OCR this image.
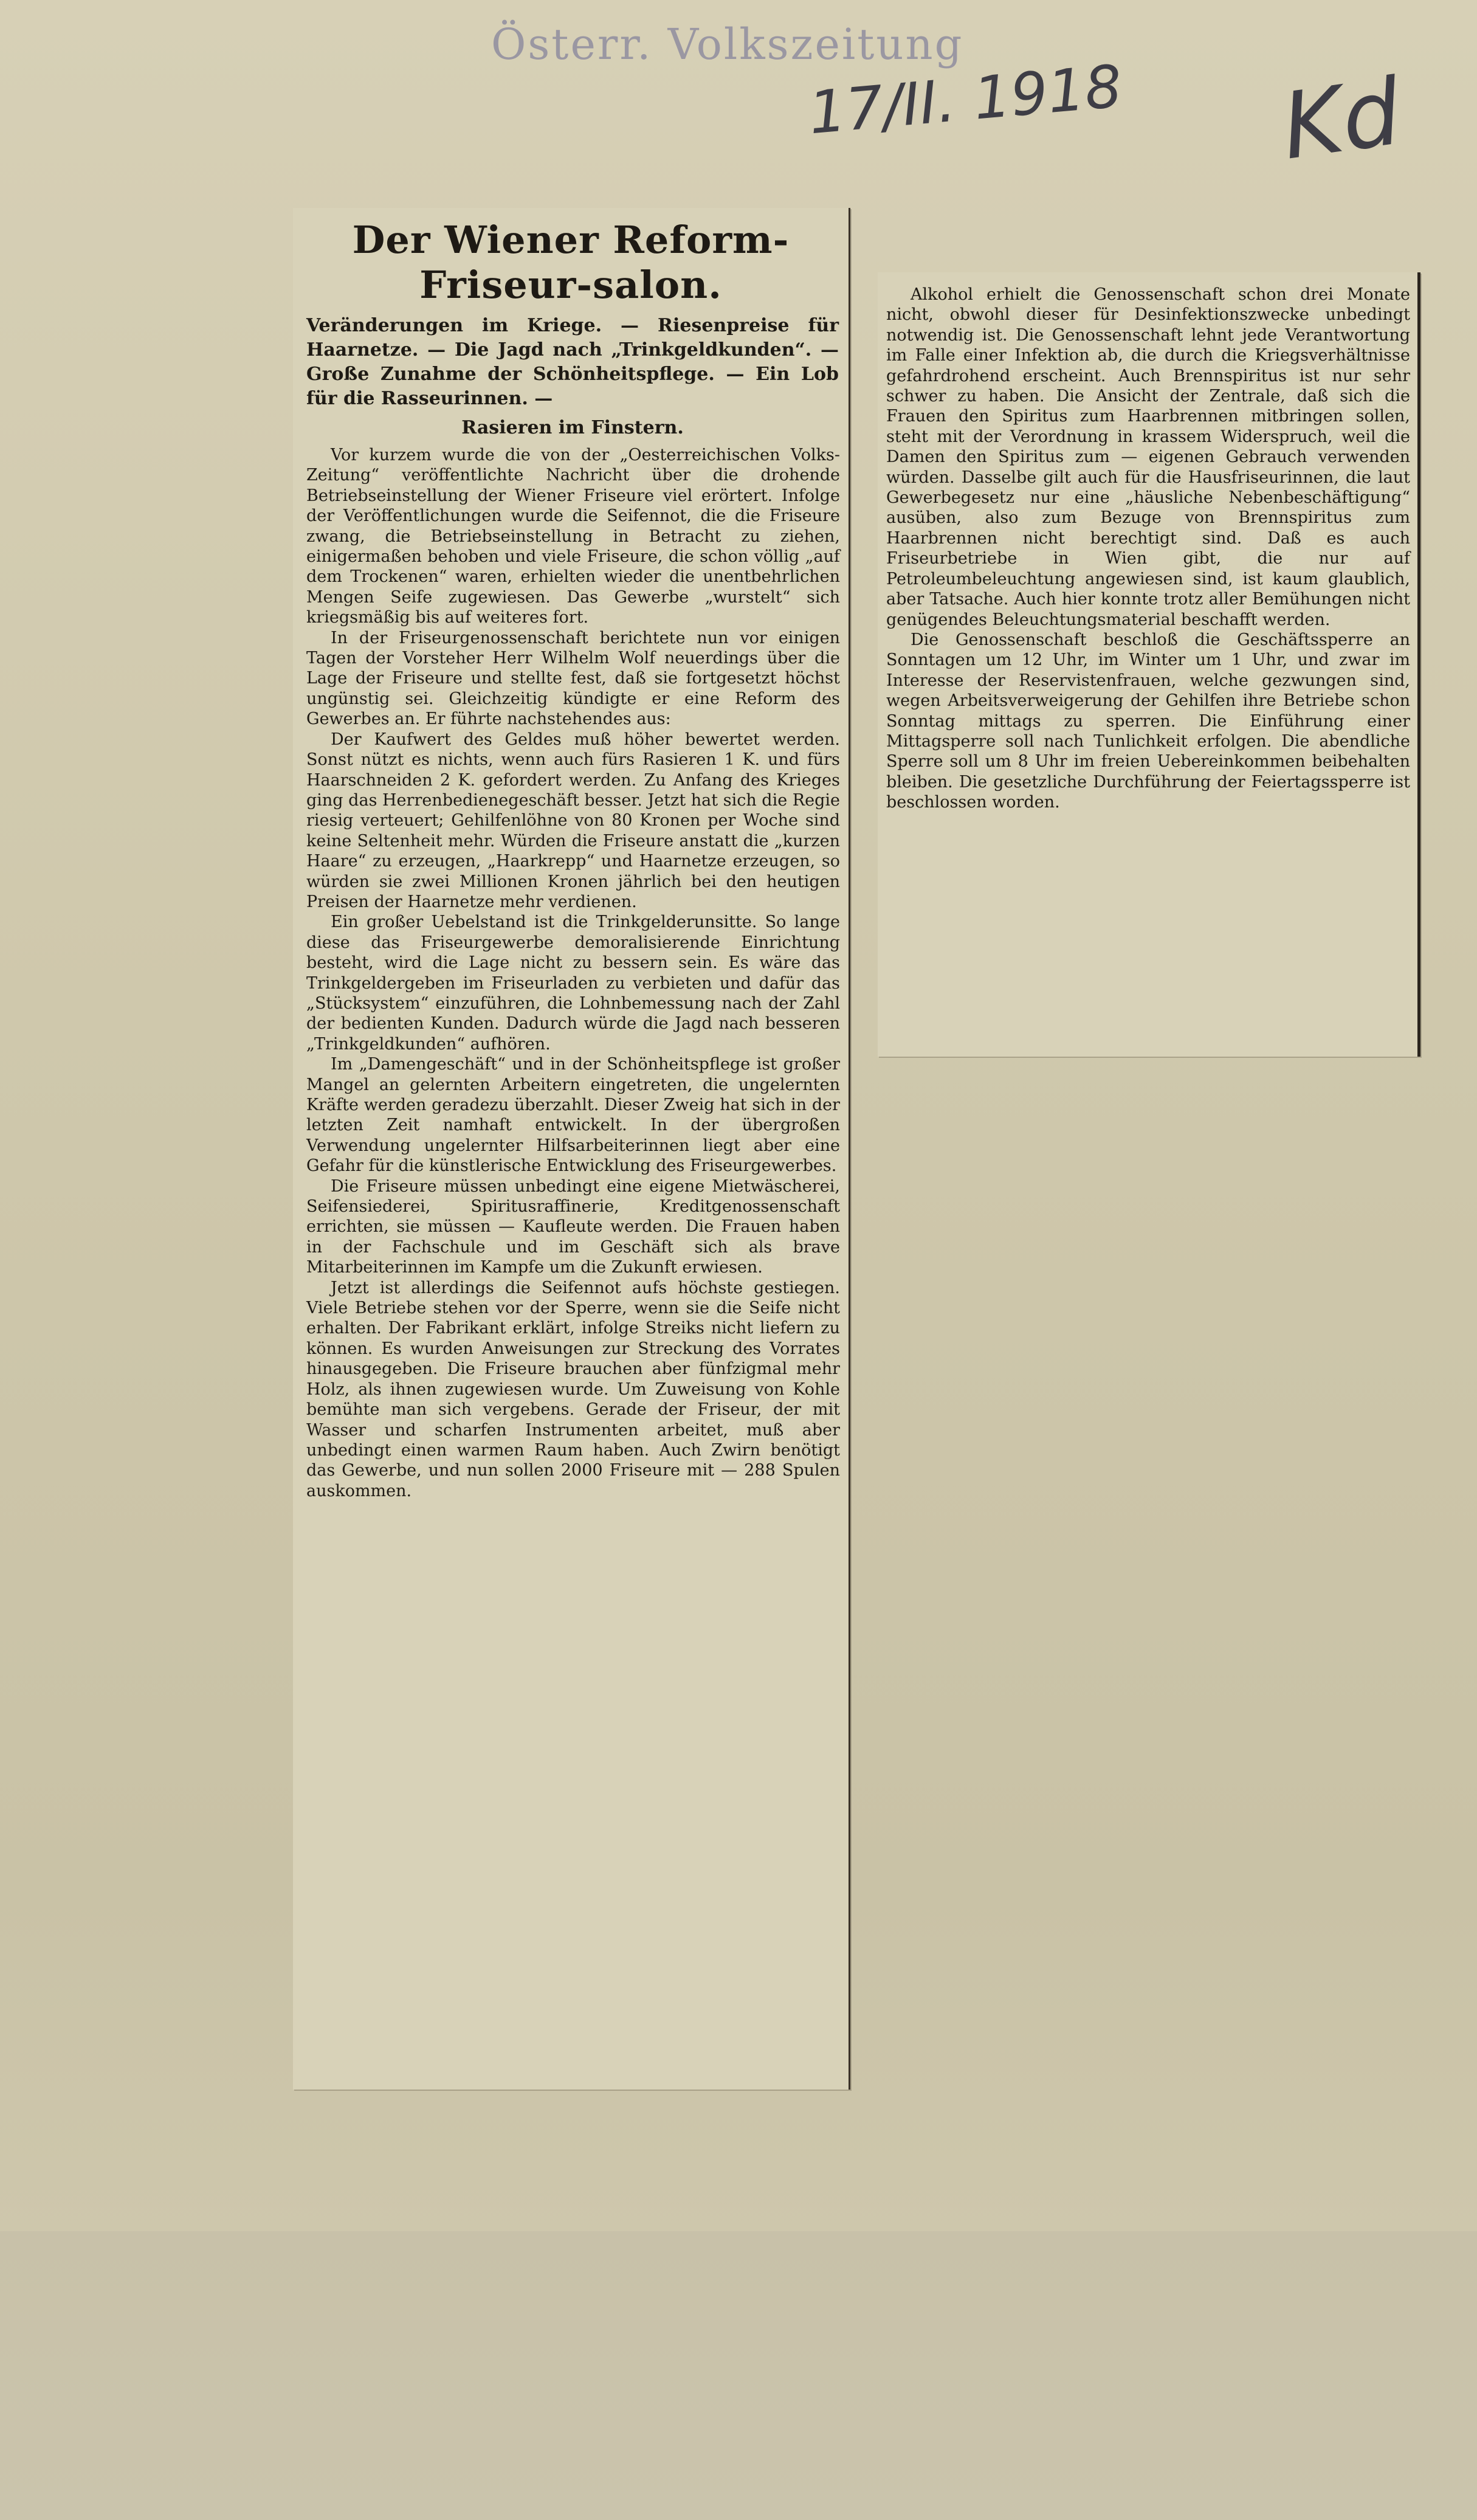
Österr. Volkszeitung
17/II. 1918 Kd
Der Wiener Reform-Friseur-salon.
Veränderungen im Kriege. — Riesenpreise für Haarnetze. — Die Jagd nach „Trinkgeldkunden“. — Große Zunahme der Schönheitspflege. — Ein Lob für die Rasseurinnen. —
Rasieren im Finstern.

Vor kurzem wurde die von der „Oesterreichischen Volks-Zeitung“ veröffentlichte Nachricht über die drohende Betriebseinstellung der Wiener Friseure viel erörtert. Infolge der Veröffentlichungen wurde die Seifennot, die die Friseure zwang, die Betriebseinstellung in Betracht zu ziehen, einigermaßen behoben und viele Friseure, die schon völlig „auf dem Trockenen“ waren, erhielten wieder die unentbehrlichen Mengen Seife zugewiesen. Das Gewerbe „wurstelt“ sich kriegsmäßig bis auf weiteres fort.

In der Friseurgenossenschaft berichtete nun vor einigen Tagen der Vorsteher Herr Wilhelm Wolf neuerdings über die Lage der Friseure und stellte fest, daß sie fortgesetzt höchst ungünstig sei. Gleichzeitig kündigte er eine Reform des Gewerbes an. Er führte nachstehendes aus:

Der Kaufwert des Geldes muß höher bewertet werden. Sonst nützt es nichts, wenn auch fürs Rasieren 1 K. und fürs Haarschneiden 2 K. gefordert werden. Zu Anfang des Krieges ging das Herrenbedienegeschäft besser. Jetzt hat sich die Regie riesig verteuert; Gehilfenlöhne von 80 Kronen per Woche sind keine Seltenheit mehr. Würden die Friseure anstatt die „kurzen Haare“ zu erzeugen, „Haarkrepp“ und Haarnetze erzeugen, so würden sie zwei Millionen Kronen jährlich bei den heutigen Preisen der Haarnetze mehr verdienen.

Ein großer Uebelstand ist die Trinkgelderunsitte. So lange diese das Friseurgewerbe demoralisierende Einrichtung besteht, wird die Lage nicht zu bessern sein. Es wäre das Trinkgeldergeben im Friseurladen zu verbieten und dafür das „Stücksystem“ einzuführen, die Lohnbemessung nach der Zahl der bedienten Kunden. Dadurch würde die Jagd nach besseren „Trinkgeldkunden“ aufhören.

Im „Damengeschäft“ und in der Schönheitspflege ist großer Mangel an gelernten Arbeitern eingetreten, die ungelernten Kräfte werden geradezu überzahlt. Dieser Zweig hat sich in der letzten Zeit namhaft entwickelt. In der übergroßen Verwendung ungelernter Hilfsarbeiterinnen liegt aber eine Gefahr für die künstlerische Entwicklung des Friseurgewerbes.

Die Friseure müssen unbedingt eine eigene Mietwäscherei, Seifensiederei, Spiritusraffinerie, Kreditgenossenschaft errichten, sie müssen — Kaufleute werden. Die Frauen haben in der Fachschule und im Geschäft sich als brave Mitarbeiterinnen im Kampfe um die Zukunft erwiesen.

Jetzt ist allerdings die Seifennot aufs höchste gestiegen. Viele Betriebe stehen vor der Sperre, wenn sie die Seife nicht erhalten. Der Fabrikant erklärt, infolge Streiks nicht liefern zu können. Es wurden Anweisungen zur Streckung des Vorrates hinausgegeben. Die Friseure brauchen aber fünfzigmal mehr Holz, als ihnen zugewiesen wurde. Um Zuweisung von Kohle bemühte man sich vergebens. Gerade der Friseur, der mit Wasser und scharfen Instrumenten arbeitet, muß aber unbedingt einen warmen Raum haben. Auch Zwirn benötigt das Gewerbe, und nun sollen 2000 Friseure mit — 288 Spulen auskommen.

Alkohol erhielt die Genossenschaft schon drei Monate nicht, obwohl dieser für Desinfektionszwecke unbedingt notwendig ist. Die Genossenschaft lehnt jede Verantwortung im Falle einer Infektion ab, die durch die Kriegsverhältnisse gefahrdrohend erscheint. Auch Brennspiritus ist nur sehr schwer zu haben. Die Ansicht der Zentrale, daß sich die Frauen den Spiritus zum Haarbrennen mitbringen sollen, steht mit der Verordnung in krassem Widerspruch, weil die Damen den Spiritus zum — eigenen Gebrauch verwenden würden. Dasselbe gilt auch für die Hausfriseurinnen, die laut Gewerbegesetz nur eine „häusliche Nebenbeschäftigung“ ausüben, also zum Bezuge von Brennspiritus zum Haarbrennen nicht berechtigt sind. Daß es auch Friseurbetriebe in Wien gibt, die nur auf Petroleumbeleuchtung angewiesen sind, ist kaum glaublich, aber Tatsache. Auch hier konnte trotz aller Bemühungen nicht genügendes Beleuchtungsmaterial beschafft werden.

Die Genossenschaft beschloß die Geschäftssperre an Sonntagen um 12 Uhr, im Winter um 1 Uhr, und zwar im Interesse der Reservistenfrauen, welche gezwungen sind, wegen Arbeitsverweigerung der Gehilfen ihre Betriebe schon Sonntag mittags zu sperren. Die Einführung einer Mittagsperre soll nach Tunlichkeit erfolgen. Die abendliche Sperre soll um 8 Uhr im freien Uebereinkommen beibehalten bleiben. Die gesetzliche Durchführung der Feiertagssperre ist beschlossen worden.
